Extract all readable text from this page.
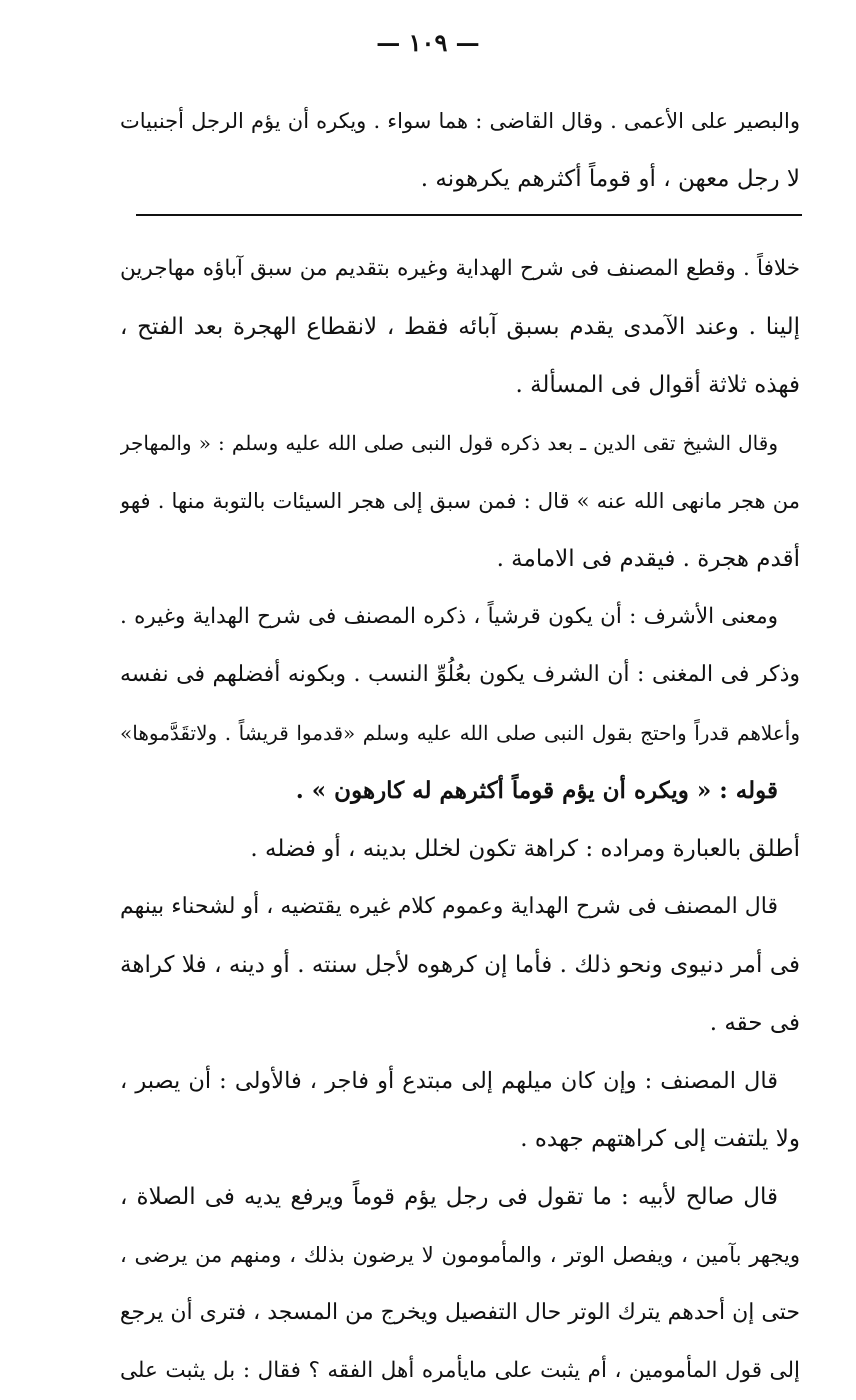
— ١٠٩ —
والبصير على الأعمى . وقال القاضى : هما سواء . ويكره أن يؤم الرجل أجنبيات
لا رجل معهن ، أو قوماً أكثرهم يكرهونه .
خلافاً . وقطع المصنف فى شرح الهداية وغيره بتقديم من سبق آباؤه مهاجرين
إلينا . وعند الآمدى يقدم بسبق آبائه فقط ، لانقطاع الهجرة بعد الفتح ،
فهذه ثلاثة أقوال فى المسألة .
وقال الشيخ تقى الدين ـ بعد ذكره قول النبى صلى الله عليه وسلم : « والمهاجر
من هجر مانهى الله عنه » قال : فمن سبق إلى هجر السيئات بالتوبة منها . فهو
أقدم هجرة . فيقدم فى الامامة .
ومعنى الأشرف : أن يكون قرشياً ، ذكره المصنف فى شرح الهداية وغيره .
وذكر فى المغنى : أن الشرف يكون بعُلُوِّ النسب . وبكونه أفضلهم فى نفسه
وأعلاهم قدراً واحتج بقول النبى صلى الله عليه وسلم «قدموا قريشاً . ولاتقَدَّموها»
قوله : « ويكره أن يؤم قوماً أكثرهم له كارهون » .
أطلق بالعبارة ومراده : كراهة تكون لخلل بدينه ، أو فضله .
قال المصنف فى شرح الهداية وعموم كلام غيره يقتضيه ، أو لشحناء بينهم
فى أمر دنيوى ونحو ذلك . فأما إن كرهوه لأجل سنته . أو دينه ، فلا كراهة
فى حقه .
قال المصنف : وإن كان ميلهم إلى مبتدع أو فاجر ، فالأولى : أن يصبر ،
ولا يلتفت إلى كراهتهم جهده .
قال صالح لأبيه : ما تقول فى رجل يؤم قوماً ويرفع يديه فى الصلاة ،
ويجهر بآمين ، ويفصل الوتر ، والمأمومون لا يرضون بذلك ، ومنهم من يرضى ،
حتى إن أحدهم يترك الوتر حال التفصيل ويخرج من المسجد ، فترى أن يرجع
إلى قول المأمومين ، أم يثبت على مايأمره أهل الفقه ؟ فقال : بل يثبت على
